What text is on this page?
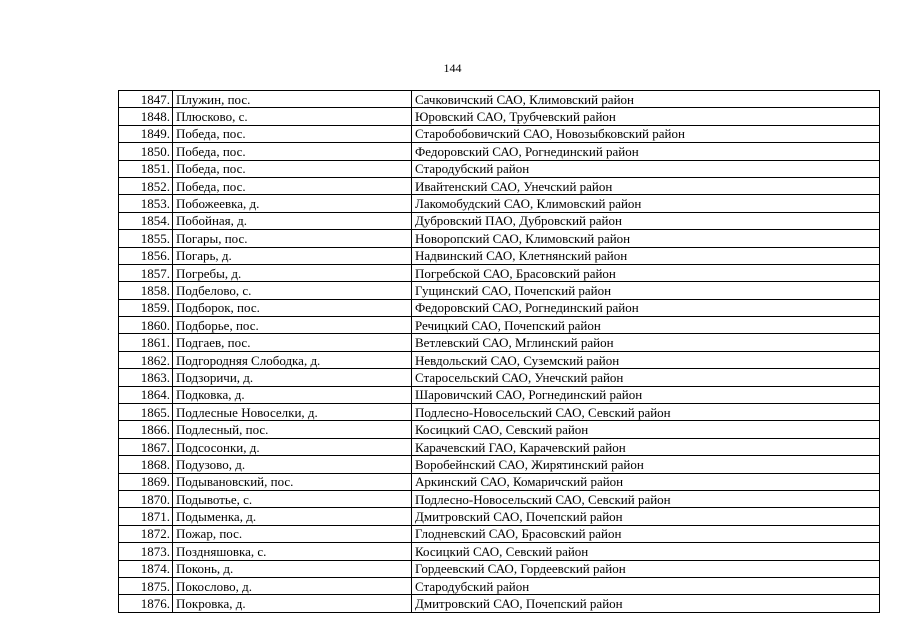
144
1847.	Плужин, пос.	Сачковичский САО, Климовский район
1848.	Плюсково, с.	Юровский САО, Трубчевский район
1849.	Победа, пос.	Старобобовичский САО, Новозыбковский район
1850.	Победа, пос.	Федоровский САО, Рогнединский район
1851.	Победа, пос.	Стародубский район
1852.	Победа, пос.	Ивайтенский САО, Унечский район
1853.	Побожеевка, д.	Лакомобудский САО, Климовский район
1854.	Побойная, д.	Дубровский ПАО, Дубровский район
1855.	Погары, пос.	Новоропский САО, Климовский район
1856.	Погарь, д.	Надвинский САО, Клетнянский район
1857.	Погребы, д.	Погребской САО, Брасовский район
1858.	Подбелово, с.	Гущинский САО, Почепский район
1859.	Подборок, пос.	Федоровский САО, Рогнединский район
1860.	Подборье, пос.	Речицкий САО, Почепский район
1861.	Подгаев, пос.	Ветлевский САО, Мглинский район
1862.	Подгородняя Слободка, д.	Невдольский САО, Суземский район
1863.	Подзоричи, д.	Старосельский САО, Унечский район
1864.	Подковка, д.	Шаровичский САО, Рогнединский район
1865.	Подлесные Новоселки, д.	Подлесно-Новосельский САО, Севский район
1866.	Подлесный, пос.	Косицкий САО, Севский район
1867.	Подсосонки, д.	Карачевский ГАО, Карачевский район
1868.	Подузово, д.	Воробейнский САО, Жирятинский район
1869.	Подывановский, пос.	Аркинский САО, Комаричский район
1870.	Подывотье, с.	Подлесно-Новосельский САО, Севский район
1871.	Подыменка, д.	Дмитровский САО, Почепский район
1872.	Пожар, пос.	Глодневский САО, Брасовский район
1873.	Поздняшовка, с.	Косицкий САО, Севский район
1874.	Поконь, д.	Гордеевский САО, Гордеевский район
1875.	Покослово, д.	Стародубский район
1876.	Покровка, д.	Дмитровский САО, Почепский район
